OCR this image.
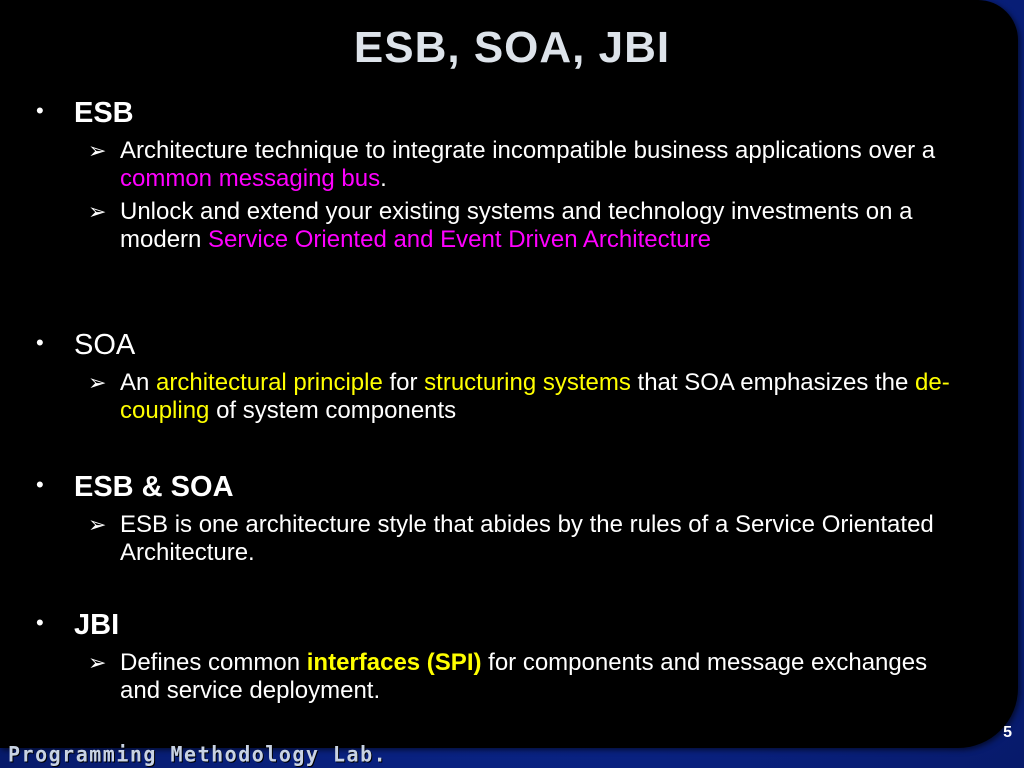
ESB, SOA, JBI
• ESB
➢ Architecture technique to integrate incompatible business applications over a common messaging bus.
➢ Unlock and extend your existing systems and technology investments on a modern Service Oriented and Event Driven Architecture
• SOA
➢ An architectural principle for structuring systems that SOA emphasizes the de-coupling of system components
• ESB & SOA
➢ ESB is one architecture style that abides by the rules of a Service Orientated Architecture.
• JBI
➢ Defines common interfaces (SPI) for components and message exchanges and service deployment.
5
Programming Methodology Lab.
